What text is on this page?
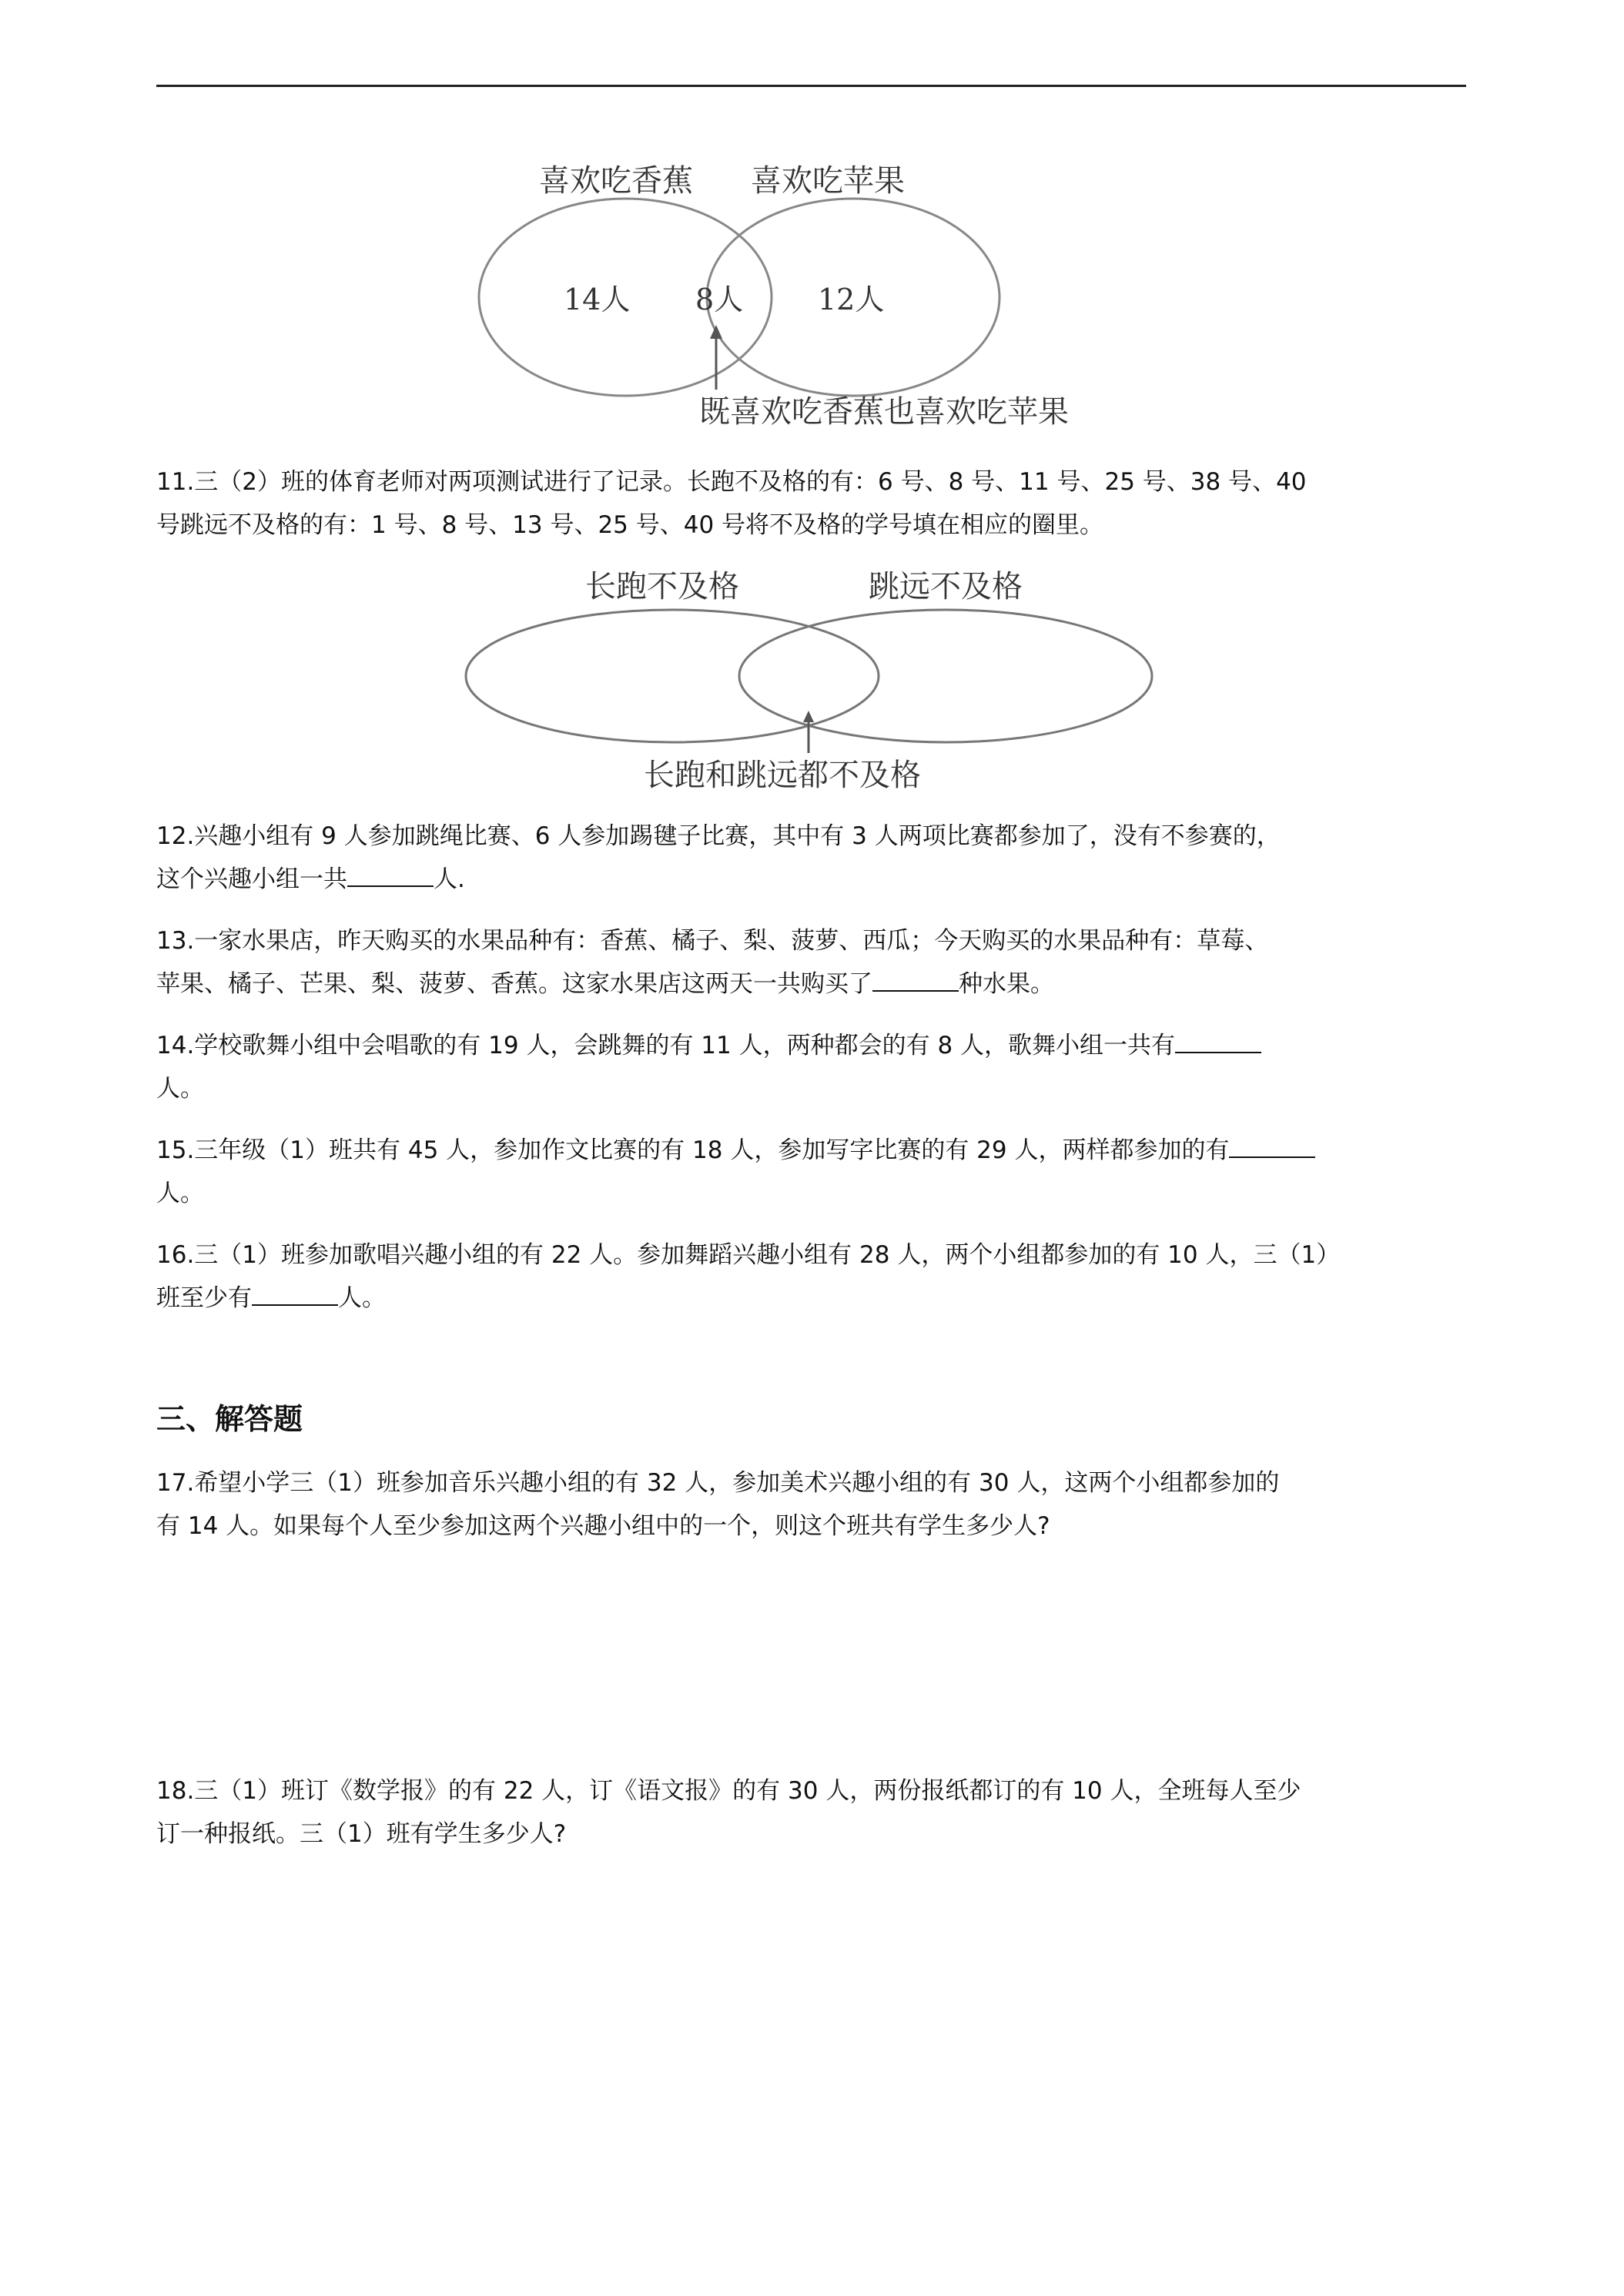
喜欢吃香蕉 喜欢吃苹果
14人 8人	12人
既喜欢吃香蕉也喜欢吃苹果

11.三（2）班的体育老师对两项测试进行了记录。长跑不及格的有：6 号、8 号、11 号、25 号、38 号、40
号跳远不及格的有：1 号、8 号、13 号、25 号、40 号将不及格的学号填在相应的圈里。

长跑不及格	跳远不及格
长跑和跳远都不及格

12.兴趣小组有 9 人参加跳绳比赛、6 人参加踢毽子比赛，其中有 3 人两项比赛都参加了，没有不参赛的，
这个兴趣小组一共	人.

13.一家水果店，昨天购买的水果品种有：香蕉、橘子、梨、菠萝、西瓜；今天购买的水果品种有：草莓、
苹果、橘子、芒果、梨、菠萝、香蕉。这家水果店这两天一共购买了	种水果。

14.学校歌舞小组中会唱歌的有 19 人，会跳舞的有 11 人，两种都会的有 8 人，歌舞小组一共有
人。

15.三年级（1）班共有 45 人，参加作文比赛的有 18 人，参加写字比赛的有 29 人，两样都参加的有
人。

16.三（1）班参加歌唱兴趣小组的有 22 人。参加舞蹈兴趣小组有 28 人，两个小组都参加的有 10 人，三（1）
班至少有	人。

三、解答题

17.希望小学三（1）班参加音乐兴趣小组的有 32 人，参加美术兴趣小组的有 30 人，这两个小组都参加的
有 14 人。如果每个人至少参加这两个兴趣小组中的一个，则这个班共有学生多少人?

18.三（1）班订《数学报》的有 22 人，订《语文报》的有 30 人，两份报纸都订的有 10 人，全班每人至少
订一种报纸。三（1）班有学生多少人?
